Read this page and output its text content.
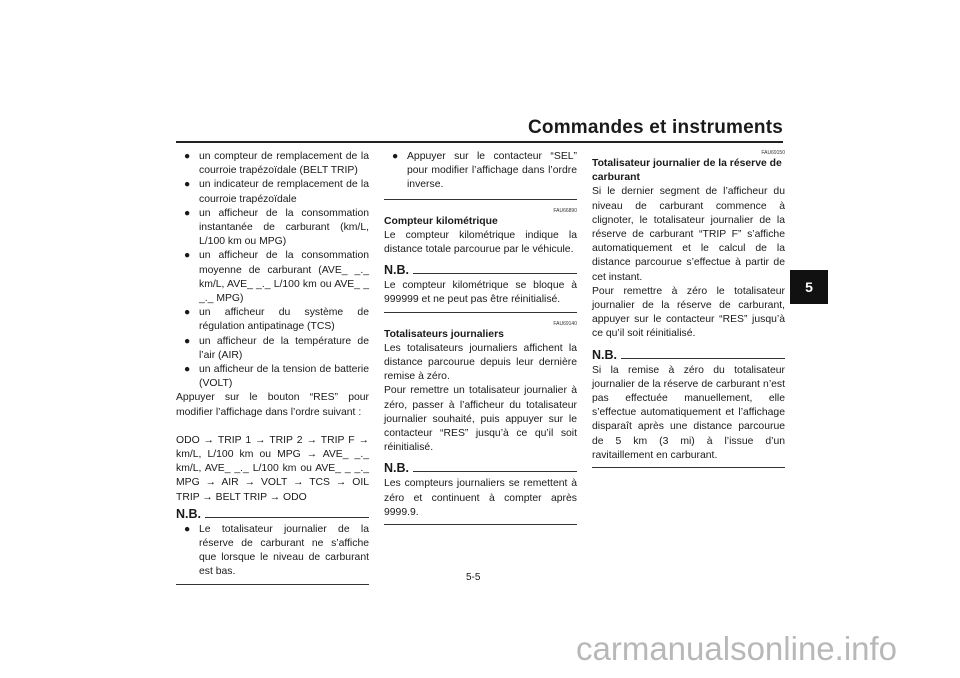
Commandes et instruments
5
● un compteur de remplacement de la courroie trapézoïdale (BELT TRIP)
● un indicateur de remplacement de la courroie trapézoïdale
● un afficheur de la consommation instantanée de carburant (km/L, L/100 km ou MPG)
● un afficheur de la consommation moyenne de carburant (AVE_ _._ km/L, AVE_ _._ L/100 km ou AVE_ _ _._ MPG)
● un afficheur du système de régulation antipatinage (TCS)
● un afficheur de la température de l’air (AIR)
● un afficheur de la tension de batterie (VOLT)

Appuyer sur le bouton “RES” pour modifier l’affichage dans l’ordre suivant :

ODO → TRIP 1 → TRIP 2 → TRIP F → km/L, L/100 km ou MPG → AVE_ _._ km/L, AVE_ _._ L/100 km ou AVE_ _ _._ MPG → AIR → VOLT → TCS → OIL TRIP → BELT TRIP → ODO

N.B.
● Le totalisateur journalier de la réserve de carburant ne s’affiche que lorsque le niveau de carburant est bas.
● Appuyer sur le contacteur “SEL” pour modifier l’affichage dans l’ordre inverse.
FAU66890

Compteur kilométrique

Le compteur kilométrique indique la distance totale parcourue par le véhicule.

N.B.

Le compteur kilométrique se bloque à 999999 et ne peut pas être réinitialisé.

FAU69140

Totalisateurs journaliers

Les totalisateurs journaliers affichent la distance parcourue depuis leur dernière remise à zéro.

Pour remettre un totalisateur journalier à zéro, passer à l’afficheur du totalisateur journalier souhaité, puis appuyer sur le contacteur “RES” jusqu’à ce qu’il soit réinitialisé.

N.B.

Les compteurs journaliers se remettent à zéro et continuent à compter après 9999.9.

FAU69150

Totalisateur journalier de la réserve de carburant

Si le dernier segment de l’afficheur du niveau de carburant commence à clignoter, le totalisateur journalier de la réserve de carburant “TRIP F” s’affiche automatiquement et le calcul de la distance parcourue s’effectue à partir de cet instant.

Pour remettre à zéro le totalisateur journalier de la réserve de carburant, appuyer sur le contacteur “RES” jusqu’à ce qu’il soit réinitialisé.

N.B.

Si la remise à zéro du totalisateur journalier de la réserve de carburant n’est pas effectuée manuellement, elle s’effectue automatiquement et l’affichage disparaît après une distance parcourue de 5 km (3 mi) à l’issue d’un ravitaillement en carburant.

5-5
carmanualsonline.info
